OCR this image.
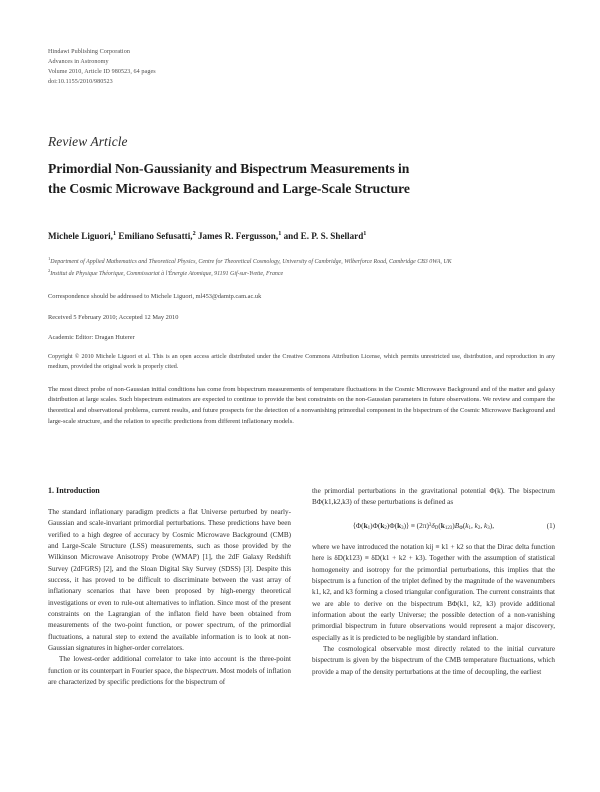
Hindawi Publishing Corporation
Advances in Astronomy
Volume 2010, Article ID 980523, 64 pages
doi:10.1155/2010/980523
Review Article
Primordial Non-Gaussianity and Bispectrum Measurements in
the Cosmic Microwave Background and Large-Scale Structure
Michele Liguori,$^1$ Emiliano Sefusatti,$^2$ James R. Fergusson,$^1$ and E. P. S. Shellard$^1$
$^1$Department of Applied Mathematics and Theoretical Physics, Centre for Theoretical Cosmology, University of Cambridge, Wilberforce Road, Cambridge CB3 0WA, UK
$^2$Institut de Physique Théorique, Commissariat à l'Énergie Atomique, 91191 Gif-sur-Yvette, France
Correspondence should be addressed to Michele Liguori, ml453@damtp.cam.ac.uk
Received 5 February 2010; Accepted 12 May 2010
Academic Editor: Dragan Huterer
Copyright © 2010 Michele Liguori et al. This is an open access article distributed under the Creative Commons Attribution License, which permits unrestricted use, distribution, and reproduction in any medium, provided the original work is properly cited.
The most direct probe of non-Gaussian initial conditions has come from bispectrum measurements of temperature fluctuations in the Cosmic Microwave Background and of the matter and galaxy distribution at large scales. Such bispectrum estimators are expected to continue to provide the best constraints on the non-Gaussian parameters in future observations. We review and compare the theoretical and observational problems, current results, and future prospects for the detection of a nonvanishing primordial component in the bispectrum of the Cosmic Microwave Background and large-scale structure, and the relation to specific predictions from different inflationary models.
1. Introduction

The standard inflationary paradigm predicts a flat Universe perturbed by nearly-Gaussian and scale-invariant primordial perturbations. These predictions have been verified to a high degree of accuracy by Cosmic Microwave Background (CMB) and Large-Scale Structure (LSS) measurements, such as those provided by the Wilkinson Microwave Anisotropy Probe (WMAP) [1], the 2dF Galaxy Redshift Survey (2dFGRS) [2], and the Sloan Digital Sky Survey (SDSS) [3]. Despite this success, it has proved to be difficult to discriminate between the vast array of inflationary scenarios that have been proposed by high-energy theoretical investigations or even to rule-out alternatives to inflation. Since most of the present constraints on the Lagrangian of the inflaton field have been obtained from measurements of the two-point function, or power spectrum, of the primordial fluctuations, a natural step to extend the available information is to look at non-Gaussian signatures in higher-order correlators.

The lowest-order additional correlator to take into account is the three-point function or its counterpart in Fourier space, the bispectrum. Most models of inflation are characterized by specific predictions for the bispectrum of

the primordial perturbations in the gravitational potential Φ(k). The bispectrum BΦ(k1,k2,k3) of these perturbations is defined as

$⟨\Phi(k_1)\Phi(k_2)\Phi(k_3)⟩ \equiv (2\pi)^3\delta_D(k_{123})B_\Phi(k_1$, $k_2$, $k_3$),	(1)

where we have introduced the notation kij ≡ k1 + k2 so that the Dirac delta function here is δD(k123) ≡ δD(k1 + k2 + k3). Together with the assumption of statistical homogeneity and isotropy for the primordial perturbations, this implies that the bispectrum is a function of the triplet defined by the magnitude of the wavenumbers k1, k2, and k3 forming a closed triangular configuration. The current constraints that we are able to derive on the bispectrum BΦ(k1, k2, k3) provide additional information about the early Universe; the possible detection of a non-vanishing primordial bispectrum in future observations would represent a major discovery, especially as it is predicted to be negligible by standard inflation.

The cosmological observable most directly related to the initial curvature bispectrum is given by the bispectrum of the CMB temperature fluctuations, which provide a map of the density perturbations at the time of decoupling, the earliest
